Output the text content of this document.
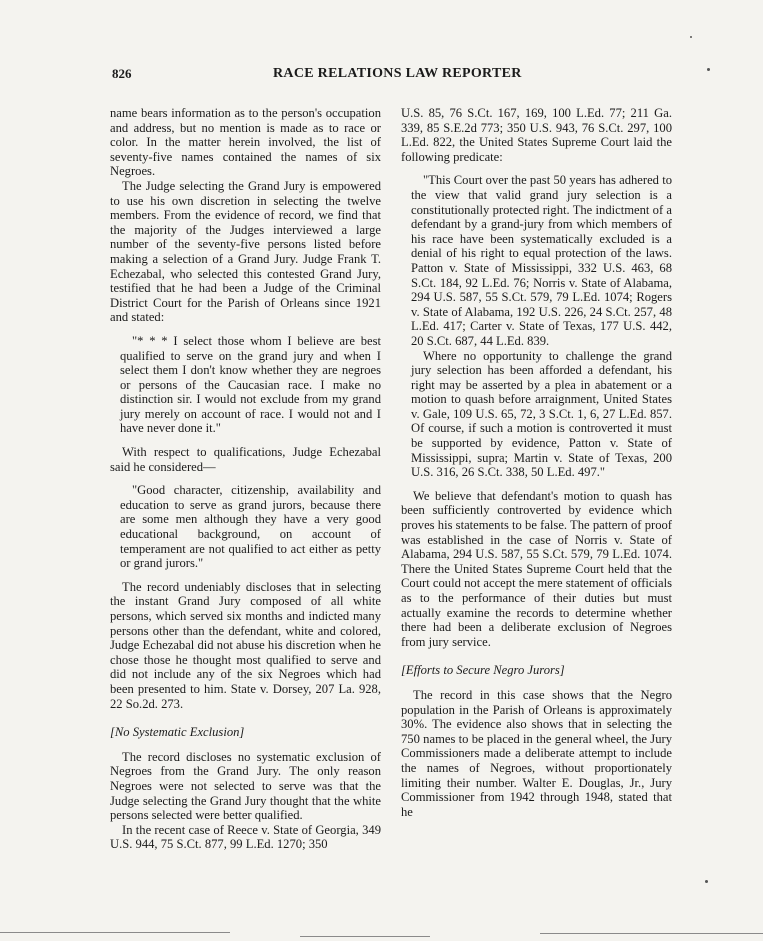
826	RACE RELATIONS LAW REPORTER

name bears information as to the person's occupation and address, but no mention is made as to race or color. In the matter herein involved, the list of seventy-five names contained the names of six Negroes.

The Judge selecting the Grand Jury is empowered to use his own discretion in selecting the twelve members. From the evidence of record, we find that the majority of the Judges interviewed a large number of the seventy-five persons listed before making a selection of a Grand Jury. Judge Frank T. Echezabal, who selected this contested Grand Jury, testified that he had been a Judge of the Criminal District Court for the Parish of Orleans since 1921 and stated:

"* * * I select those whom I believe are best qualified to serve on the grand jury and when I select them I don't know whether they are negroes or persons of the Caucasian race. I make no distinction sir. I would not exclude from my grand jury merely on account of race. I would not and I have never done it."

With respect to qualifications, Judge Echezabal said he considered—

"Good character, citizenship, availability and education to serve as grand jurors, because there are some men although they have a very good educational background, on account of temperament are not qualified to act either as petty or grand jurors."

The record undeniably discloses that in selecting the instant Grand Jury composed of all white persons, which served six months and indicted many persons other than the defendant, white and colored, Judge Echezabal did not abuse his discretion when he chose those he thought most qualified to serve and did not include any of the six Negroes which had been presented to him. State v. Dorsey, 207 La. 928, 22 So.2d. 273.

[No Systematic Exclusion]

The record discloses no systematic exclusion of Negroes from the Grand Jury. The only reason Negroes were not selected to serve was that the Judge selecting the Grand Jury thought that the white persons selected were better qualified.

In the recent case of Reece v. State of Georgia, 349 U.S. 944, 75 S.Ct. 877, 99 L.Ed. 1270; 350

U.S. 85, 76 S.Ct. 167, 169, 100 L.Ed. 77; 211 Ga. 339, 85 S.E.2d 773; 350 U.S. 943, 76 S.Ct. 297, 100 L.Ed. 822, the United States Supreme Court laid the following predicate:

"This Court over the past 50 years has adhered to the view that valid grand jury selection is a constitutionally protected right. The indictment of a defendant by a grand-jury from which members of his race have been systematically excluded is a denial of his right to equal protection of the laws. Patton v. State of Mississippi, 332 U.S. 463, 68 S.Ct. 184, 92 L.Ed. 76; Norris v. State of Alabama, 294 U.S. 587, 55 S.Ct. 579, 79 L.Ed. 1074; Rogers v. State of Alabama, 192 U.S. 226, 24 S.Ct. 257, 48 L.Ed. 417; Carter v. State of Texas, 177 U.S. 442, 20 S.Ct. 687, 44 L.Ed. 839.

Where no opportunity to challenge the grand jury selection has been afforded a defendant, his right may be asserted by a plea in abatement or a motion to quash before arraignment, United States v. Gale, 109 U.S. 65, 72, 3 S.Ct. 1, 6, 27 L.Ed. 857. Of course, if such a motion is controverted it must be supported by evidence, Patton v. State of Mississippi, supra; Martin v. State of Texas, 200 U.S. 316, 26 S.Ct. 338, 50 L.Ed. 497."

We believe that defendant's motion to quash has been sufficiently controverted by evidence which proves his statements to be false. The pattern of proof was established in the case of Norris v. State of Alabama, 294 U.S. 587, 55 S.Ct. 579, 79 L.Ed. 1074. There the United States Supreme Court held that the Court could not accept the mere statement of officials as to the performance of their duties but must actually examine the records to determine whether there had been a deliberate exclusion of Negroes from jury service.

[Efforts to Secure Negro Jurors]

The record in this case shows that the Negro population in the Parish of Orleans is approximately 30%. The evidence also shows that in selecting the 750 names to be placed in the general wheel, the Jury Commissioners made a deliberate attempt to include the names of Negroes, without proportionately limiting their number. Walter E. Douglas, Jr., Jury Commissioner from 1942 through 1948, stated that he
